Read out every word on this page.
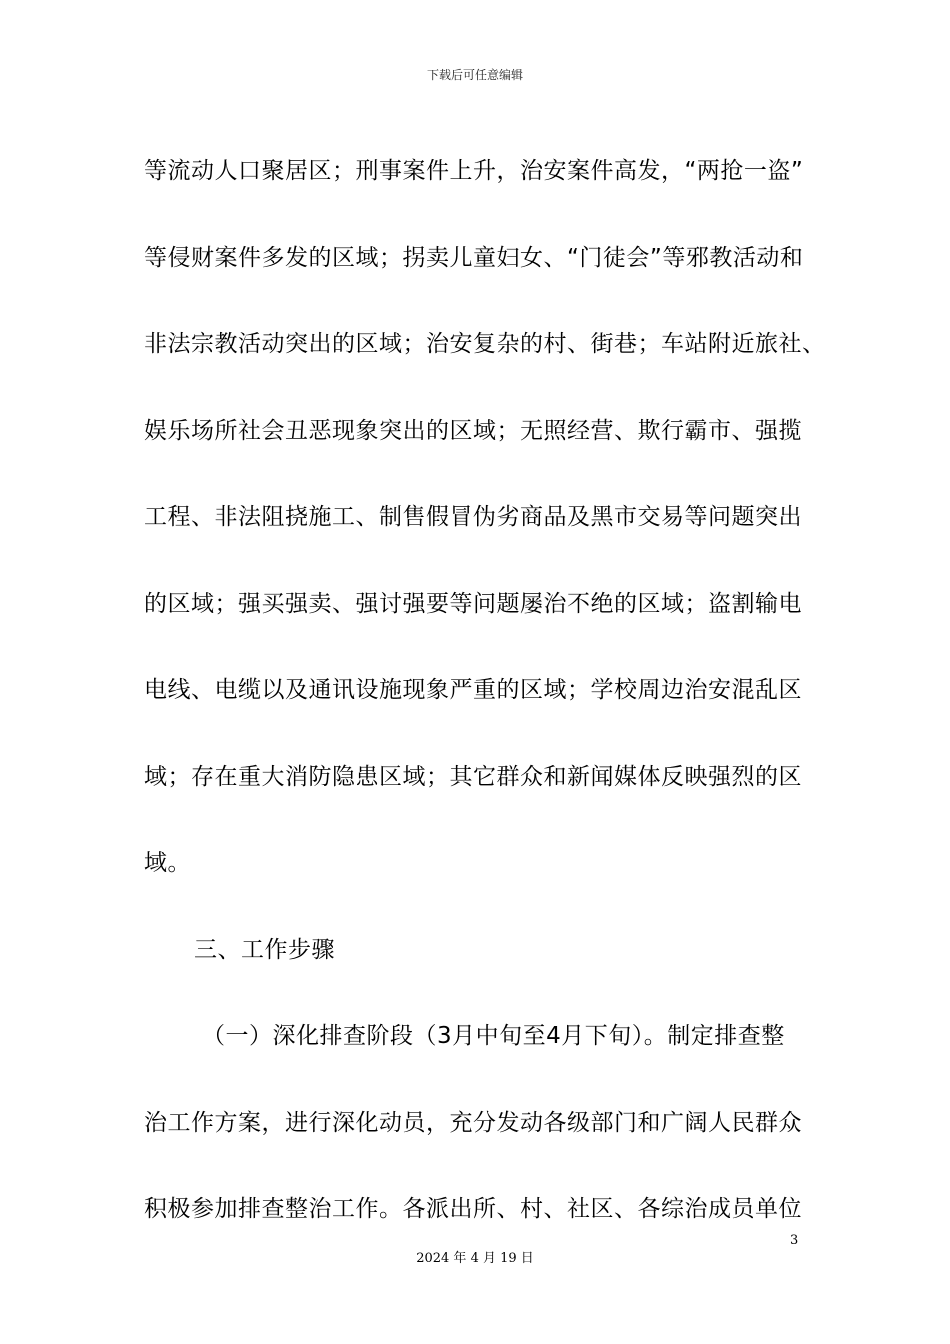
下载后可任意编辑
等流动人口聚居区；刑事案件上升，治安案件高发，“两抢一盗”
等侵财案件多发的区域；拐卖儿童妇女、“门徒会”等邪教活动和
非法宗教活动突出的区域；治安复杂的村、街巷；车站附近旅社、
娱乐场所社会丑恶现象突出的区域；无照经营、欺行霸市、强揽
工程、非法阻挠施工、制售假冒伪劣商品及黑市交易等问题突出
的区域；强买强卖、强讨强要等问题屡治不绝的区域；盗割输电
电线、电缆以及通讯设施现象严重的区域；学校周边治安混乱区
域；存在重大消防隐患区域；其它群众和新闻媒体反映强烈的区
域。
三、工作步骤
（一）深化排查阶段（3月中旬至4月下旬）。制定排查整
治工作方案，进行深化动员，充分发动各级部门和广阔人民群众
积极参加排查整治工作。各派出所、村、社区、各综治成员单位
3
2024 年 4 月 19 日
